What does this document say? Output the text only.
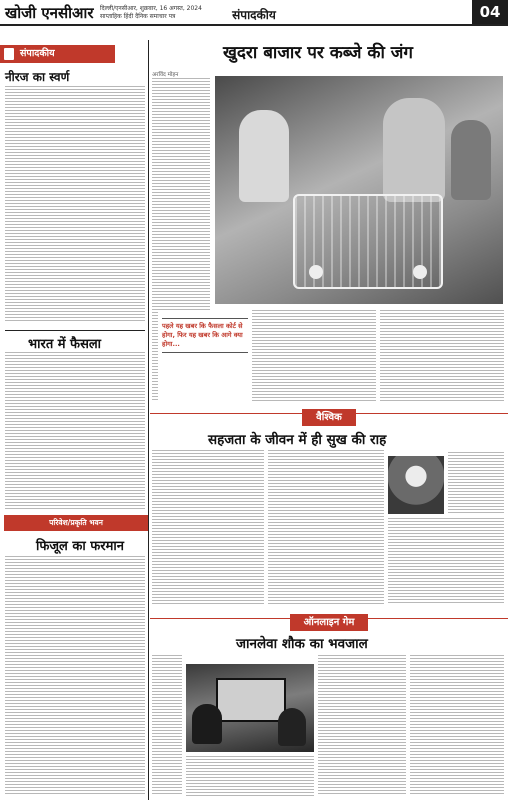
खोजी एनसीआर दिल्ली/एनसीआर, शुक्रवार, 16 अगस्त, 2024
साप्ताहिक हिंदी दैनिक समाचार पत्र	संपादकीय	04
संपादकीय
नीरज का स्वर्ण
खुदरा बाजार पर कब्जे की जंग
अरविंद मोहन
पहले यह खबर कि फैसला कोर्ट से होगा, फिर यह खबर कि आगे क्या होगा...
भारत में फैसला
परिवेश/प्रकृति भवन
फिजूल का फरमान
वैश्विक
सहजता के जीवन में ही सुख की राह
ऑनलाइन गेम
जानलेवा शौक का भवजाल
